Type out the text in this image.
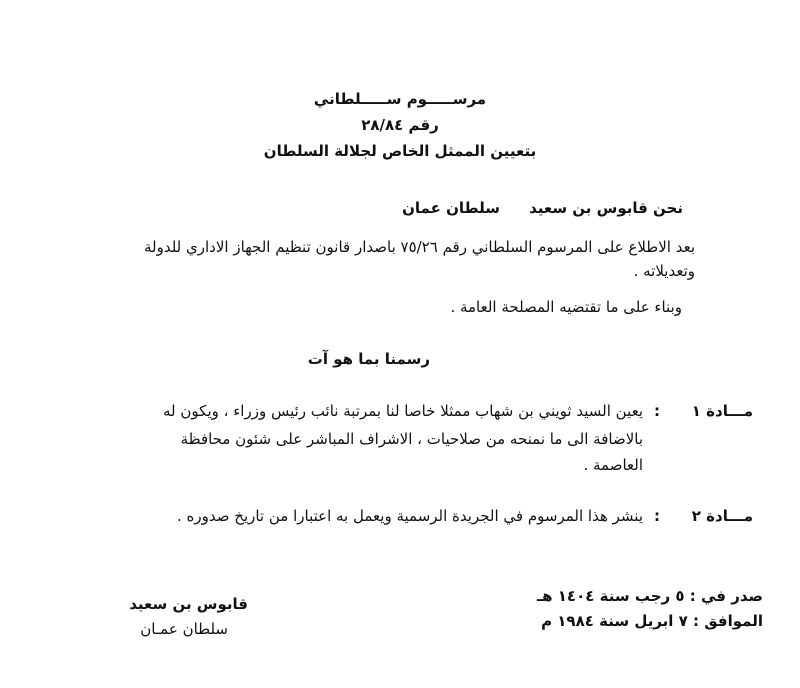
مرســـــوم ســـــلطاني
رقم ٢٨/٨٤
بتعيين الممثل الخاص لجلالة السلطان
نحن قابوس بن سعيد
سلطان عمان
بعد الاطلاع على المرسوم السلطاني رقم ٧٥/٢٦ باصدار قانون تنظيم الجهاز الاداري للدولة
وتعديلاته .
وبناء على ما تقتضيه المصلحة العامة .
رسمنا بما هو آت
مـــادة ١
:
يعين السيد ثويني بن شهاب ممثلا خاصا لنا بمرتبة نائب رئيس وزراء ، ويكون له
بالاضافة الى ما نمنحه من صلاحيات ، الاشراف المباشر على شئون محافظة
العاصمة .
مـــادة ٢
:
ينشر هذا المرسوم في الجريدة الرسمية ويعمل به اعتبارا من تاريخ صدوره .
صدر في : ٥ رجب سنة ١٤٠٤ هـ
الموافق : ٧ ابريل سنة ١٩٨٤ م
قابوس بن سعيد
سلطان عمـان
